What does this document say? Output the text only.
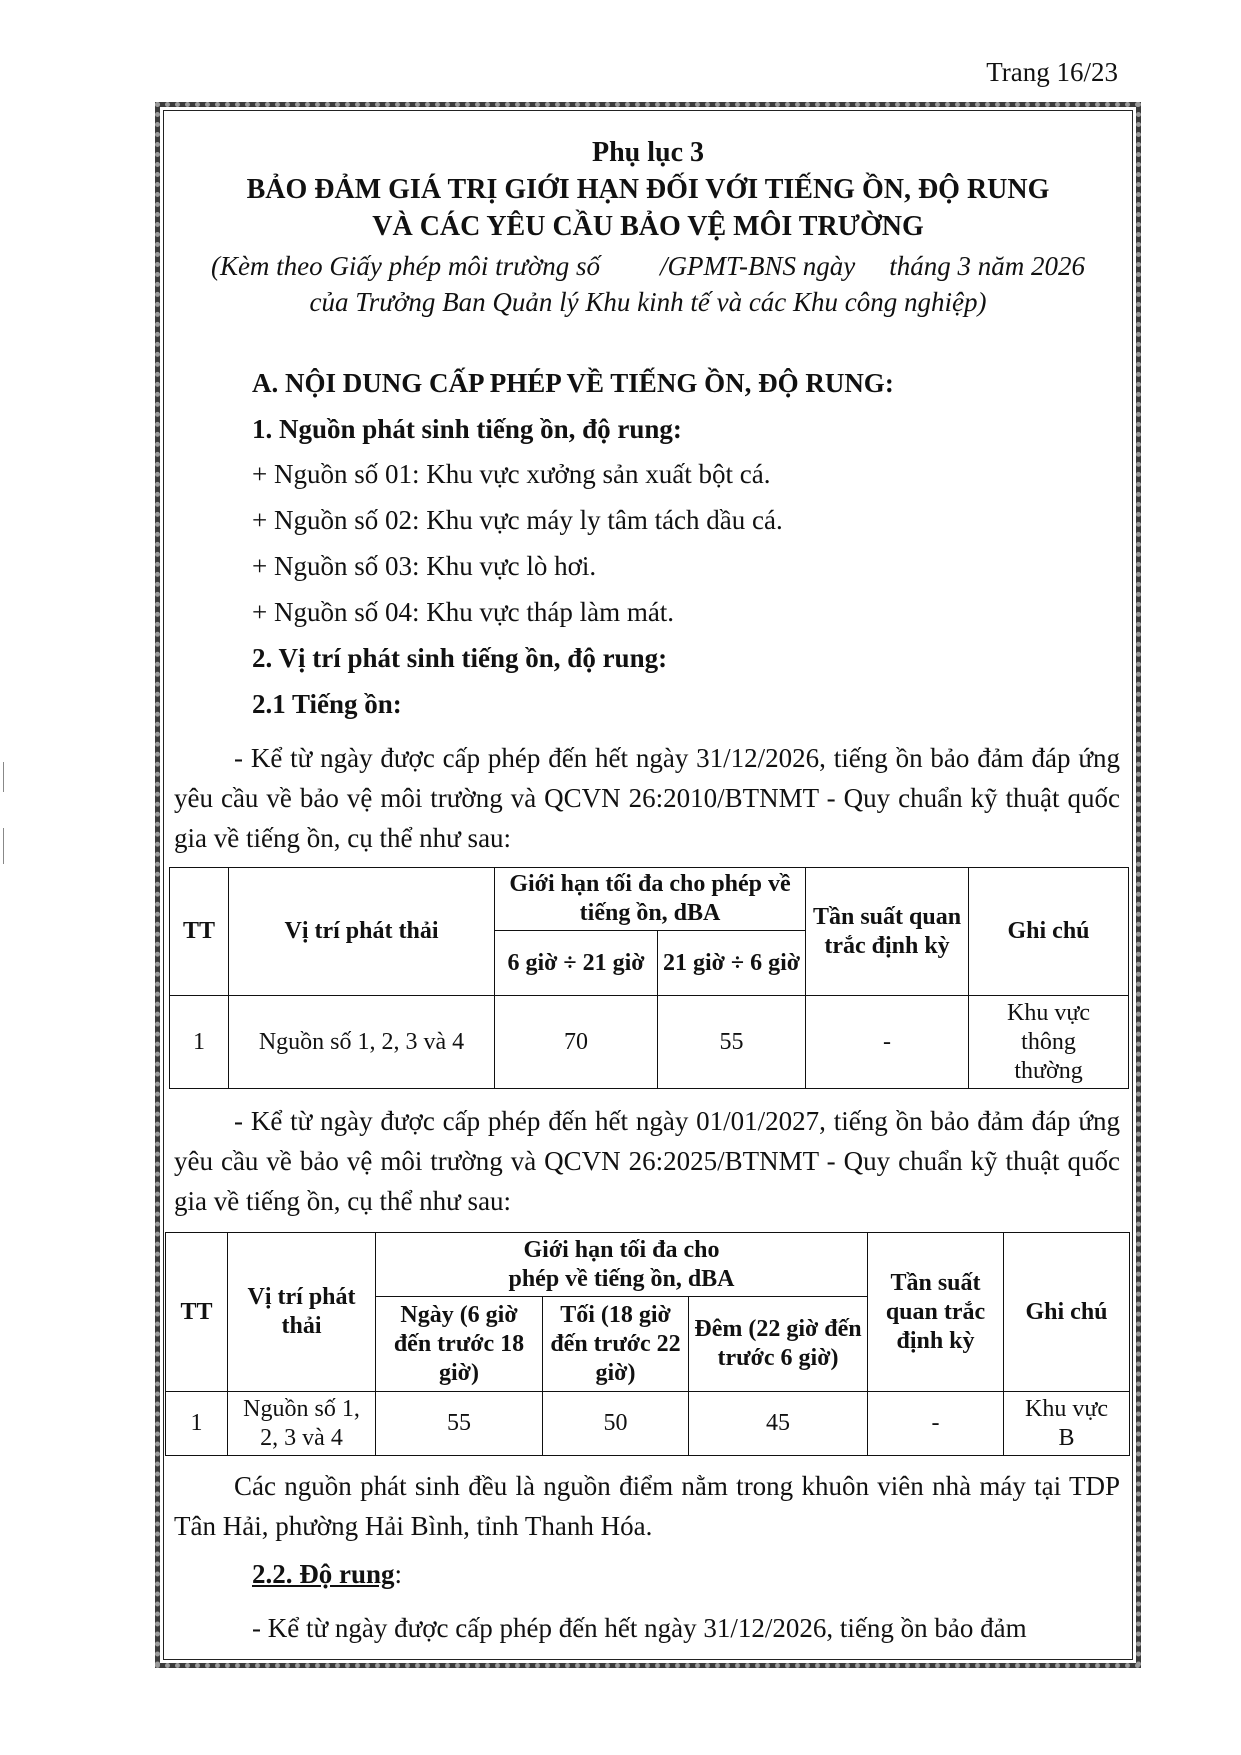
Trang 16/23
Phụ lục 3
BẢO ĐẢM GIÁ TRỊ GIỚI HẠN ĐỐI VỚI TIẾNG ỒN, ĐỘ RUNG
VÀ CÁC YÊU CẦU BẢO VỆ MÔI TRƯỜNG
(Kèm theo Giấy phép môi trường số /GPMT-BNS ngày tháng 3 năm 2026
của Trưởng Ban Quản lý Khu kinh tế và các Khu công nghiệp)
A. NỘI DUNG CẤP PHÉP VỀ TIẾNG ỒN, ĐỘ RUNG:
1. Nguồn phát sinh tiếng ồn, độ rung:
+ Nguồn số 01: Khu vực xưởng sản xuất bột cá.
+ Nguồn số 02: Khu vực máy ly tâm tách dầu cá.
+ Nguồn số 03: Khu vực lò hơi.
+ Nguồn số 04: Khu vực tháp làm mát.
2. Vị trí phát sinh tiếng ồn, độ rung:
2.1 Tiếng ồn:
- Kể từ ngày được cấp phép đến hết ngày 31/12/2026, tiếng ồn bảo đảm đáp ứng yêu cầu về bảo vệ môi trường và QCVN 26:2010/BTNMT - Quy chuẩn kỹ thuật quốc gia về tiếng ồn, cụ thể như sau:
TT	Vị trí phát thải	Giới hạn tối đa cho phép về tiếng ồn, dBA		Tần suất quan trắc định kỳ	Ghi chú
		6 giờ ÷ 21 giờ	21 giờ ÷ 6 giờ		
1	Nguồn số 1, 2, 3 và 4	70	55	-	Khu vực thông thường
- Kể từ ngày được cấp phép đến hết ngày 01/01/2027, tiếng ồn bảo đảm đáp ứng yêu cầu về bảo vệ môi trường và QCVN 26:2025/BTNMT - Quy chuẩn kỹ thuật quốc gia về tiếng ồn, cụ thể như sau:
TT	Vị trí phát thải	Giới hạn tối đa cho phép về tiếng ồn, dBA			Tần suất quan trắc định kỳ	Ghi chú
		Ngày (6 giờ đến trước 18 giờ)	Tối (18 giờ đến trước 22 giờ)	Đêm (22 giờ đến trước 6 giờ)		
1	Nguồn số 1, 2, 3 và 4	55	50	45	-	Khu vực B
Các nguồn phát sinh đều là nguồn điểm nằm trong khuôn viên nhà máy tại TDP Tân Hải, phường Hải Bình, tỉnh Thanh Hóa.
2.2. Độ rung:
- Kể từ ngày được cấp phép đến hết ngày 31/12/2026, tiếng ồn bảo đảm
